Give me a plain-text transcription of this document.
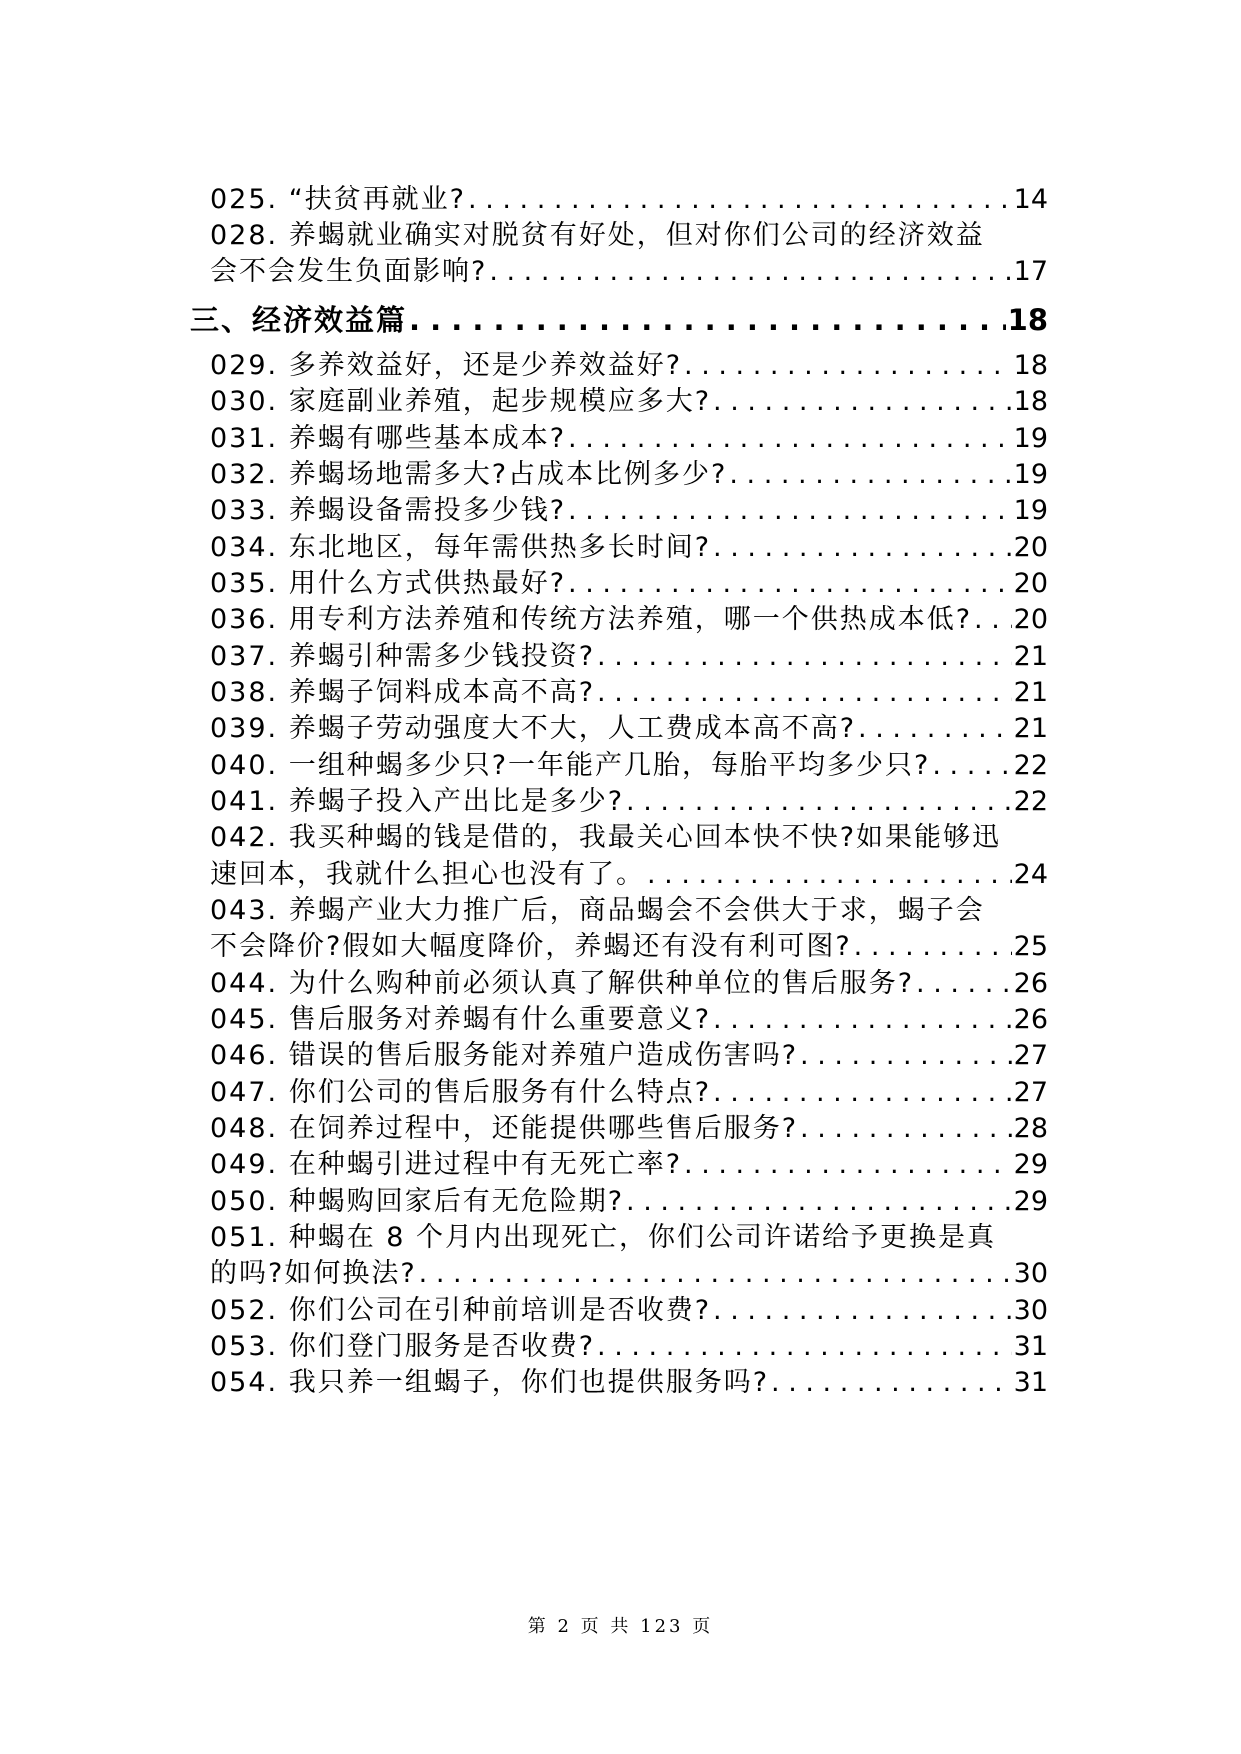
025. “扶贫再就业? . . .	14
028. 养蝎就业确实对脱贫有好处，但对你们公司的经济效益
会不会发生负面影响? . . .	17
三、经济效益篇 . . .	18
029. 多养效益好，还是少养效益好? . . .	18
030. 家庭副业养殖，起步规模应多大? . . .	18
031. 养蝎有哪些基本成本? . . .	19
032. 养蝎场地需多大?占成本比例多少? . . .	19
033. 养蝎设备需投多少钱? . . .	19
034. 东北地区，每年需供热多长时间? . . .	20
035. 用什么方式供热最好? . . .	20
036. 用专利方法养殖和传统方法养殖，哪一个供热成本低? . . . 20
037. 养蝎引种需多少钱投资? . . .	21
038. 养蝎子饲料成本高不高? . . .	21
039. 养蝎子劳动强度大不大，人工费成本高不高? . . .	21
040. 一组种蝎多少只?一年能产几胎，每胎平均多少只? . . .	22
041. 养蝎子投入产出比是多少? . . .	22
042. 我买种蝎的钱是借的，我最关心回本快不快?如果能够迅
速回本，我就什么担心也没有了。 . . .	24
043. 养蝎产业大力推广后，商品蝎会不会供大于求，蝎子会
不会降价?假如大幅度降价，养蝎还有没有利可图? . . .	25
044. 为什么购种前必须认真了解供种单位的售后服务? . . .	26
045. 售后服务对养蝎有什么重要意义? . . .	26
046. 错误的售后服务能对养殖户造成伤害吗? . . .	27
047. 你们公司的售后服务有什么特点? . . .	27
048. 在饲养过程中，还能提供哪些售后服务? . . .	28
049. 在种蝎引进过程中有无死亡率? . . .	29
050. 种蝎购回家后有无危险期? . . .	29
051. 种蝎在 8 个月内出现死亡，你们公司许诺给予更换是真
的吗?如何换法? . . .	30
052. 你们公司在引种前培训是否收费? . . .	30
053. 你们登门服务是否收费? . . .	31
054. 我只养一组蝎子，你们也提供服务吗? . . .	31
第 2 页 共 123 页
